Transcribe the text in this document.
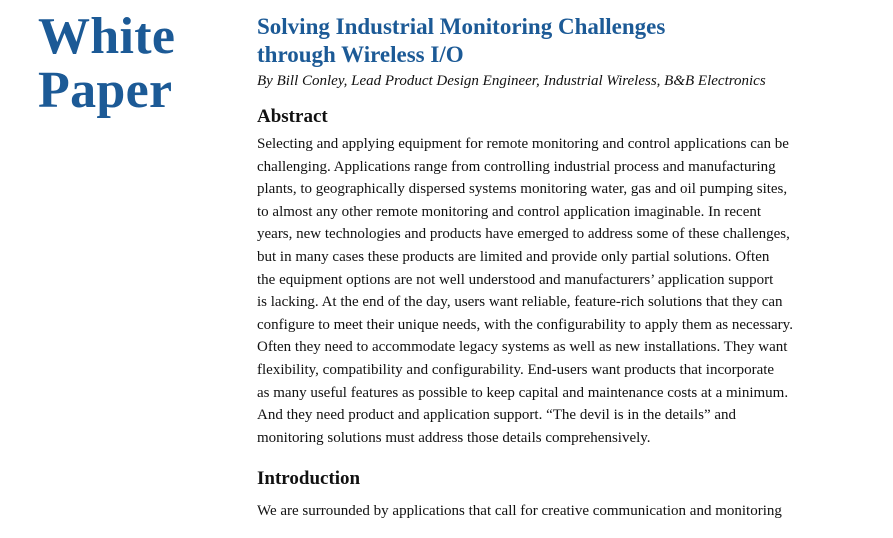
White
Paper
Solving Industrial Monitoring Challenges
through Wireless I/O
By Bill Conley, Lead Product Design Engineer, Industrial Wireless, B&B Electronics
Abstract
Selecting and applying equipment for remote monitoring and control applications can be
challenging. Applications range from controlling industrial process and manufacturing
plants, to geographically dispersed systems monitoring water, gas and oil pumping sites,
to almost any other remote monitoring and control application imaginable. In recent
years, new technologies and products have emerged to address some of these challenges,
but in many cases these products are limited and provide only partial solutions. Often
the equipment options are not well understood and manufacturers’ application support
is lacking. At the end of the day, users want reliable, feature-rich solutions that they can
configure to meet their unique needs, with the configurability to apply them as necessary.
Often they need to accommodate legacy systems as well as new installations. They want
flexibility, compatibility and configurability. End-users want products that incorporate
as many useful features as possible to keep capital and maintenance costs at a minimum.
And they need product and application support. “The devil is in the details” and
monitoring solutions must address those details comprehensively.
Introduction
We are surrounded by applications that call for creative communication and monitoring
